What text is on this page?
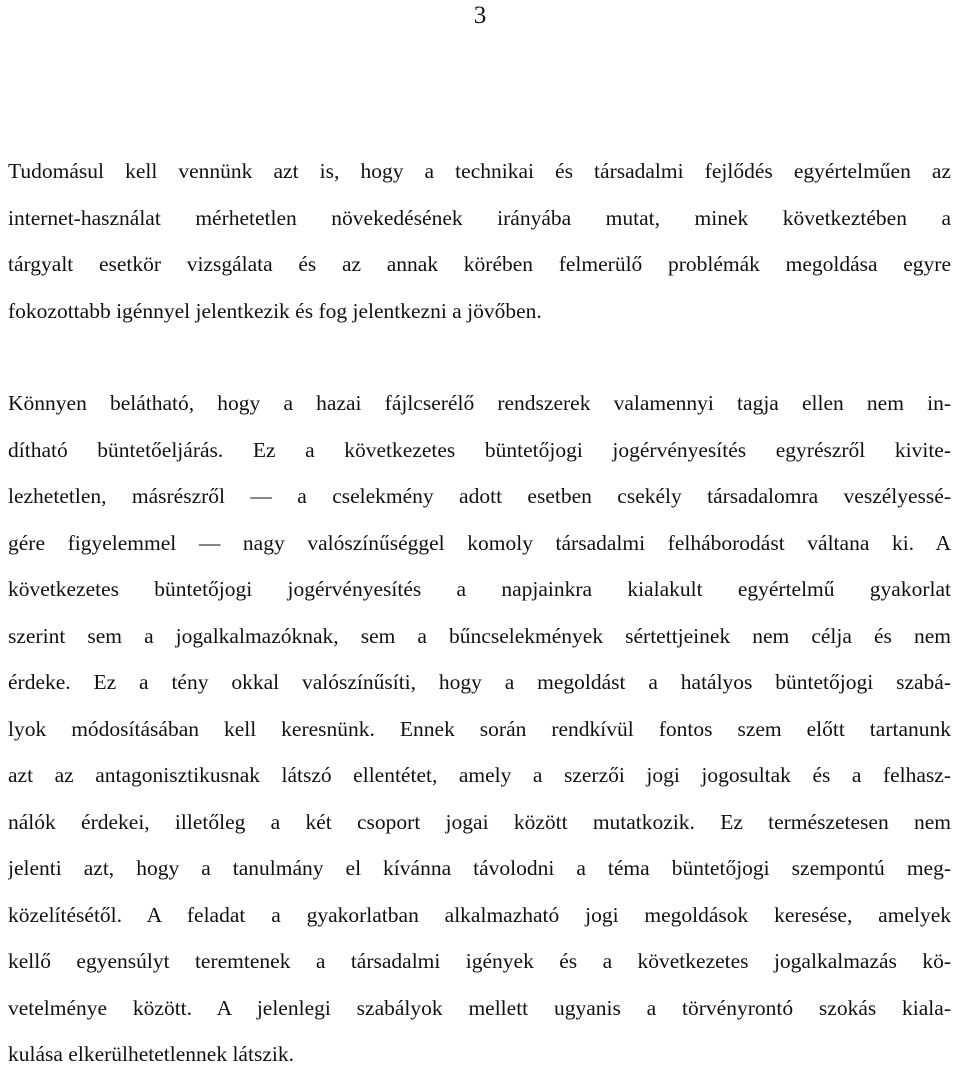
3
Tudomásul kell vennünk azt is, hogy a technikai és társadalmi fejlődés egyértelműen az
internet-használat mérhetetlen növekedésének irányába mutat, minek következtében a
tárgyalt esetkör vizsgálata és az annak körében felmerülő problémák megoldása egyre
fokozottabb igénnyel jelentkezik és fog jelentkezni a jövőben.
Könnyen belátható, hogy a hazai fájlcserélő rendszerek valamennyi tagja ellen nem in-
dítható büntetőeljárás. Ez a következetes büntetőjogi jogérvényesítés egyrészről kivite-
lezhetetlen, másrészről — a cselekmény adott esetben csekély társadalomra veszélyessé-
gére figyelemmel — nagy valószínűséggel komoly társadalmi felháborodást váltana ki. A
következetes büntetőjogi jogérvényesítés a napjainkra kialakult egyértelmű gyakorlat
szerint sem a jogalkalmazóknak, sem a bűncselekmények sértettjeinek nem célja és nem
érdeke. Ez a tény okkal valószínűsíti, hogy a megoldást a hatályos büntetőjogi szabá-
lyok módosításában kell keresnünk. Ennek során rendkívül fontos szem előtt tartanunk
azt az antagonisztikusnak látszó ellentétet, amely a szerzői jogi jogosultak és a felhasz-
nálók érdekei, illetőleg a két csoport jogai között mutatkozik. Ez természetesen nem
jelenti azt, hogy a tanulmány el kívánna távolodni a téma büntetőjogi szempontú meg-
közelítésétől. A feladat a gyakorlatban alkalmazható jogi megoldások keresése, amelyek
kellő egyensúlyt teremtenek a társadalmi igények és a következetes jogalkalmazás kö-
vetelménye között. A jelenlegi szabályok mellett ugyanis a törvényrontó szokás kiala-
kulása elkerülhetetlennek látszik.
